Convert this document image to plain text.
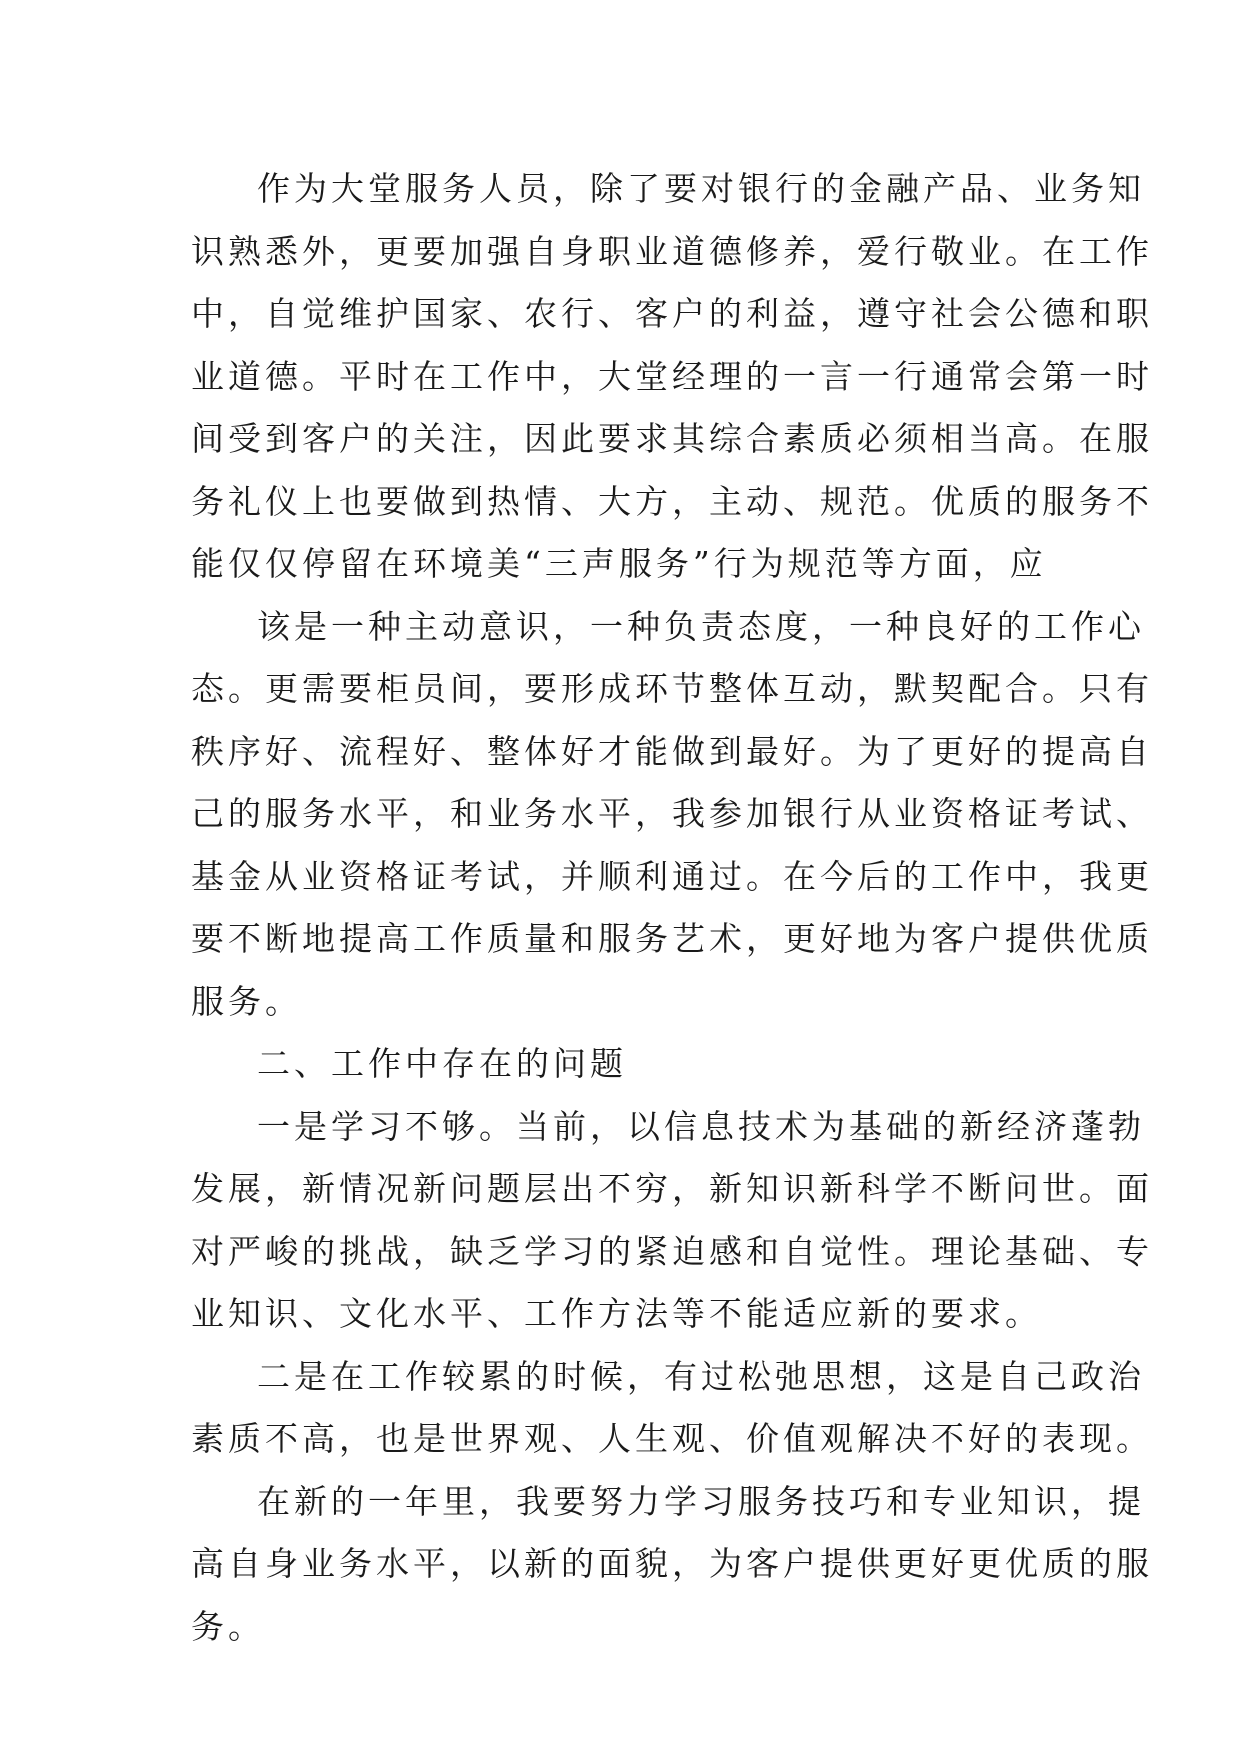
作为大堂服务人员，除了要对银行的金融产品、业务知
识熟悉外，更要加强自身职业道德修养，爱行敬业。在工作
中，自觉维护国家、农行、客户的利益，遵守社会公德和职
业道德。平时在工作中，大堂经理的一言一行通常会第一时
间受到客户的关注，因此要求其综合素质必须相当高。在服
务礼仪上也要做到热情、大方，主动、规范。优质的服务不
能仅仅停留在环境美“三声服务”行为规范等方面，应
该是一种主动意识，一种负责态度，一种良好的工作心
态。更需要柜员间，要形成环节整体互动，默契配合。只有
秩序好、流程好、整体好才能做到最好。为了更好的提高自
己的服务水平，和业务水平，我参加银行从业资格证考试、
基金从业资格证考试，并顺利通过。在今后的工作中，我更
要不断地提高工作质量和服务艺术，更好地为客户提供优质
服务。
二、工作中存在的问题
一是学习不够。当前，以信息技术为基础的新经济蓬勃
发展，新情况新问题层出不穷，新知识新科学不断问世。面
对严峻的挑战，缺乏学习的紧迫感和自觉性。理论基础、专
业知识、文化水平、工作方法等不能适应新的要求。
二是在工作较累的时候，有过松弛思想，这是自己政治
素质不高，也是世界观、人生观、价值观解决不好的表现。
在新的一年里，我要努力学习服务技巧和专业知识，提
高自身业务水平，以新的面貌，为客户提供更好更优质的服
务。
